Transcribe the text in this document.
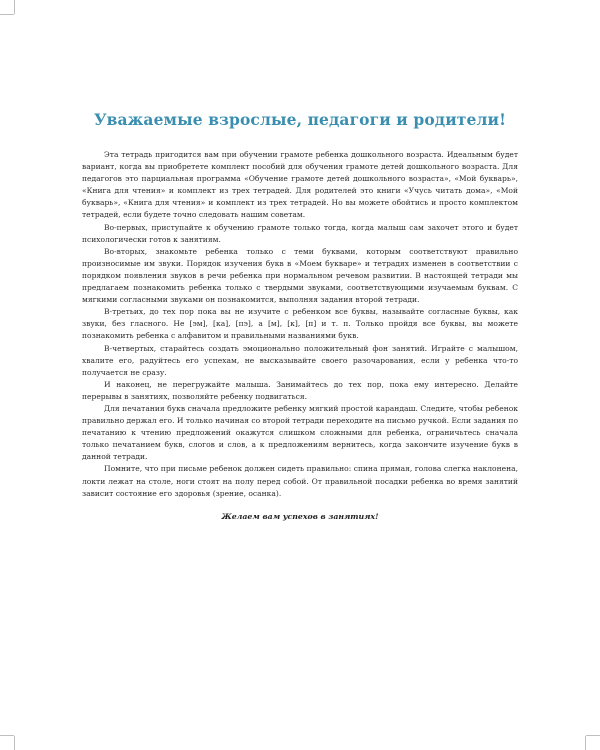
Уважаемые взрослые, педагоги и родители!

Эта тетрадь пригодится вам при обучении грамоте ребенка дошкольного возраста. Идеальным будет вариант, когда вы приобретете комплект пособий для обучения грамоте детей дошкольного возраста. Для педагогов это парциальная программа «Обучение грамоте детей дошкольного возраста», «Мой букварь», «Книга для чтения» и комплект из трех тетрадей. Для родителей это книги «Учусь читать дома», «Мой букварь», «Книга для чтения» и комплект из трех тетрадей. Но вы можете обойтись и просто комплектом тетрадей, если будете точно следовать нашим советам.

Во-первых, приступайте к обучению грамоте только тогда, когда малыш сам захочет этого и будет психологически готов к занятиям.

Во-вторых, знакомьте ребенка только с теми буквами, которым соответствуют правильно произносимые им звуки. Порядок изучения букв в «Моем букваре» и тетрадях изменен в соответствии с порядком появления звуков в речи ребенка при нормальном речевом развитии. В настоящей тетради мы предлагаем познакомить ребенка только с твердыми звуками, соответствующими изучаемым буквам. С мягкими согласными звуками он познакомится, выполняя задания второй тетради.

В-третьих, до тех пор пока вы не изучите с ребенком все буквы, называйте согласные буквы, как звуки, без гласного. Не [эм], [ка], [пэ], а [м], [к], [п] и т. п. Только пройдя все буквы, вы можете познакомить ребенка с алфавитом и правильными названиями букв.

В-четвертых, старайтесь создать эмоционально положительный фон занятий. Играйте с малышом, хвалите его, радуйтесь его успехам, не высказывайте своего разочарования, если у ребенка что-то получается не сразу.

И наконец, не перегружайте малыша. Занимайтесь до тех пор, пока ему интересно. Делайте перерывы в занятиях, позволяйте ребенку подвигаться.

Для печатания букв сначала предложите ребенку мягкий простой карандаш. Следите, чтобы ребенок правильно держал его. И только начиная со второй тетради переходите на письмо ручкой. Если задания по печатанию к чтению предложений окажутся слишком сложными для ребенка, ограничьтесь сначала только печатанием букв, слогов и слов, а к предложениям вернитесь, когда закончите изучение букв в данной тетради.

Помните, что при письме ребенок должен сидеть правильно: спина прямая, голова слегка наклонена, локти лежат на столе, ноги стоят на полу перед собой. От правильной посадки ребенка во время занятий зависит состояние его здоровья (зрение, осанка).

Желаем вам успехов в занятиях!
